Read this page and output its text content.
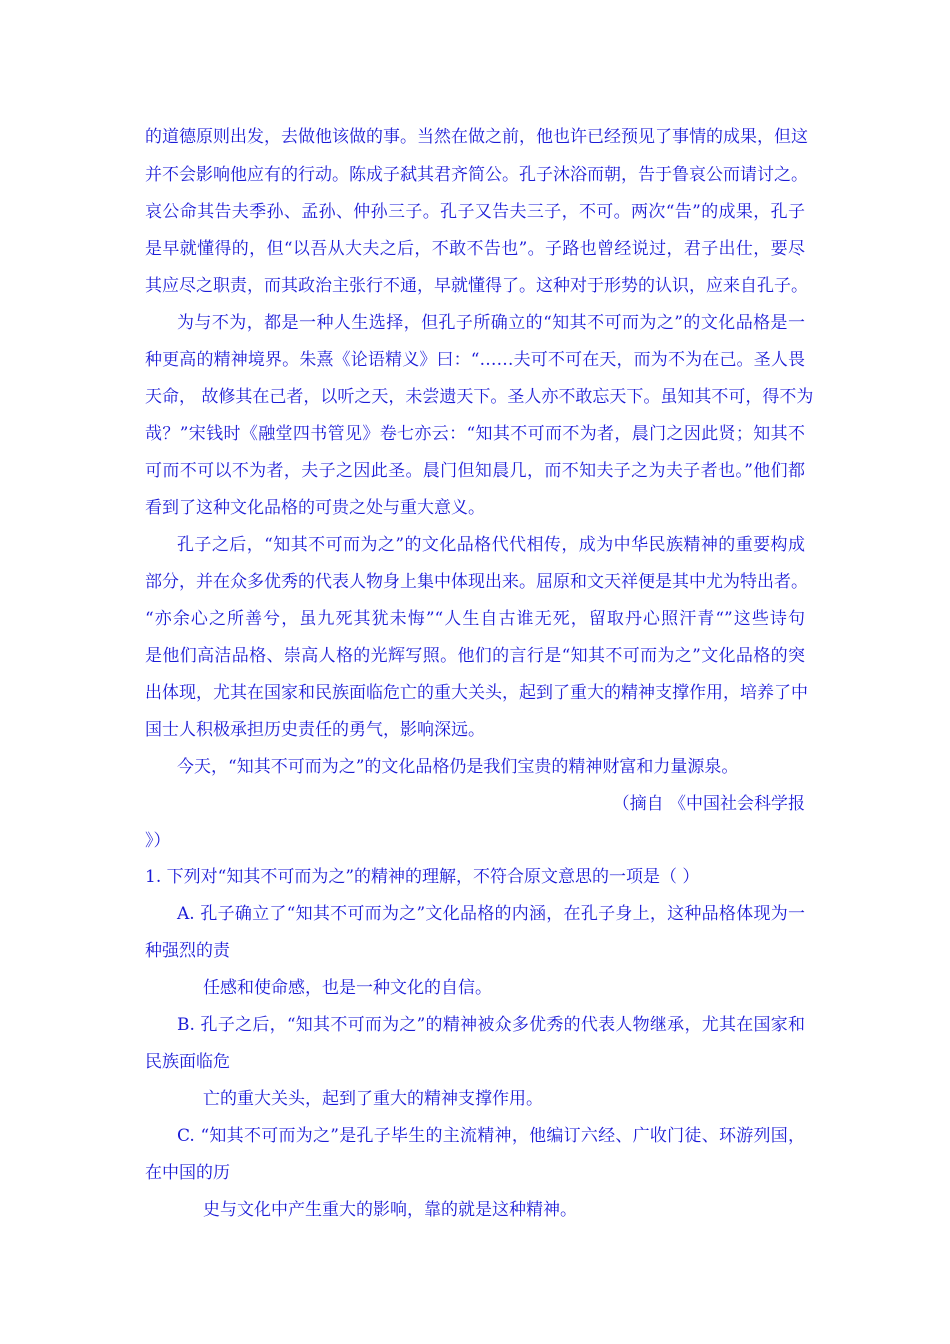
的道德原则出发，去做他该做的事。当然在做之前，他也许已经预见了事情的成果，但这
并不会影响他应有的行动。陈成子弑其君齐简公。孔子沐浴而朝，告于鲁哀公而请讨之。
哀公命其告夫季孙、孟孙、仲孙三子。孔子又告夫三子，不可。两次“告”的成果，孔子
是早就懂得的，但“以吾从大夫之后，不敢不告也”。子路也曾经说过，君子出仕，要尽
其应尽之职责，而其政治主张行不通，早就懂得了。这种对于形势的认识，应来自孔子。
为与不为，都是一种人生选择，但孔子所确立的“知其不可而为之”的文化品格是一
种更高的精神境界。朱熹《论语精义》曰：“……夫可不可在天，而为不为在己。圣人畏
天命， 故修其在己者，以听之天，未尝遗天下。圣人亦不敢忘天下。虽知其不可，得不为
哉？”宋钱时《融堂四书管见》卷七亦云：“知其不可而不为者，晨门之因此贤；知其不
可而不可以不为者，夫子之因此圣。晨门但知晨几，而不知夫子之为夫子者也。”他们都
看到了这种文化品格的可贵之处与重大意义。
孔子之后，“知其不可而为之”的文化品格代代相传，成为中华民族精神的重要构成
部分，并在众多优秀的代表人物身上集中体现出来。屈原和文天祥便是其中尤为特出者。
“亦余心之所善兮，虽九死其犹未悔”“人生自古谁无死，留取丹心照汗青“”这些诗句
是他们高洁品格、崇高人格的光辉写照。他们的言行是“知其不可而为之”文化品格的突
出体现，尤其在国家和民族面临危亡的重大关头，起到了重大的精神支撑作用，培养了中
国士人积极承担历史责任的勇气，影响深远。
今天，“知其不可而为之”的文化品格仍是我们宝贵的精神财富和力量源泉。
（摘自 《中国社会科学报
》）
1. 下列对“知其不可而为之”的精神的理解，不符合原文意思的一项是（ ）
A. 孔子确立了“知其不可而为之”文化品格的内涵，在孔子身上，这种品格体现为一
种强烈的责
任感和使命感，也是一种文化的自信。
B. 孔子之后，“知其不可而为之”的精神被众多优秀的代表人物继承，尤其在国家和
民族面临危
亡的重大关头，起到了重大的精神支撑作用。
C. “知其不可而为之”是孔子毕生的主流精神，他编订六经、广收门徒、环游列国，
在中国的历
史与文化中产生重大的影响，靠的就是这种精神。
